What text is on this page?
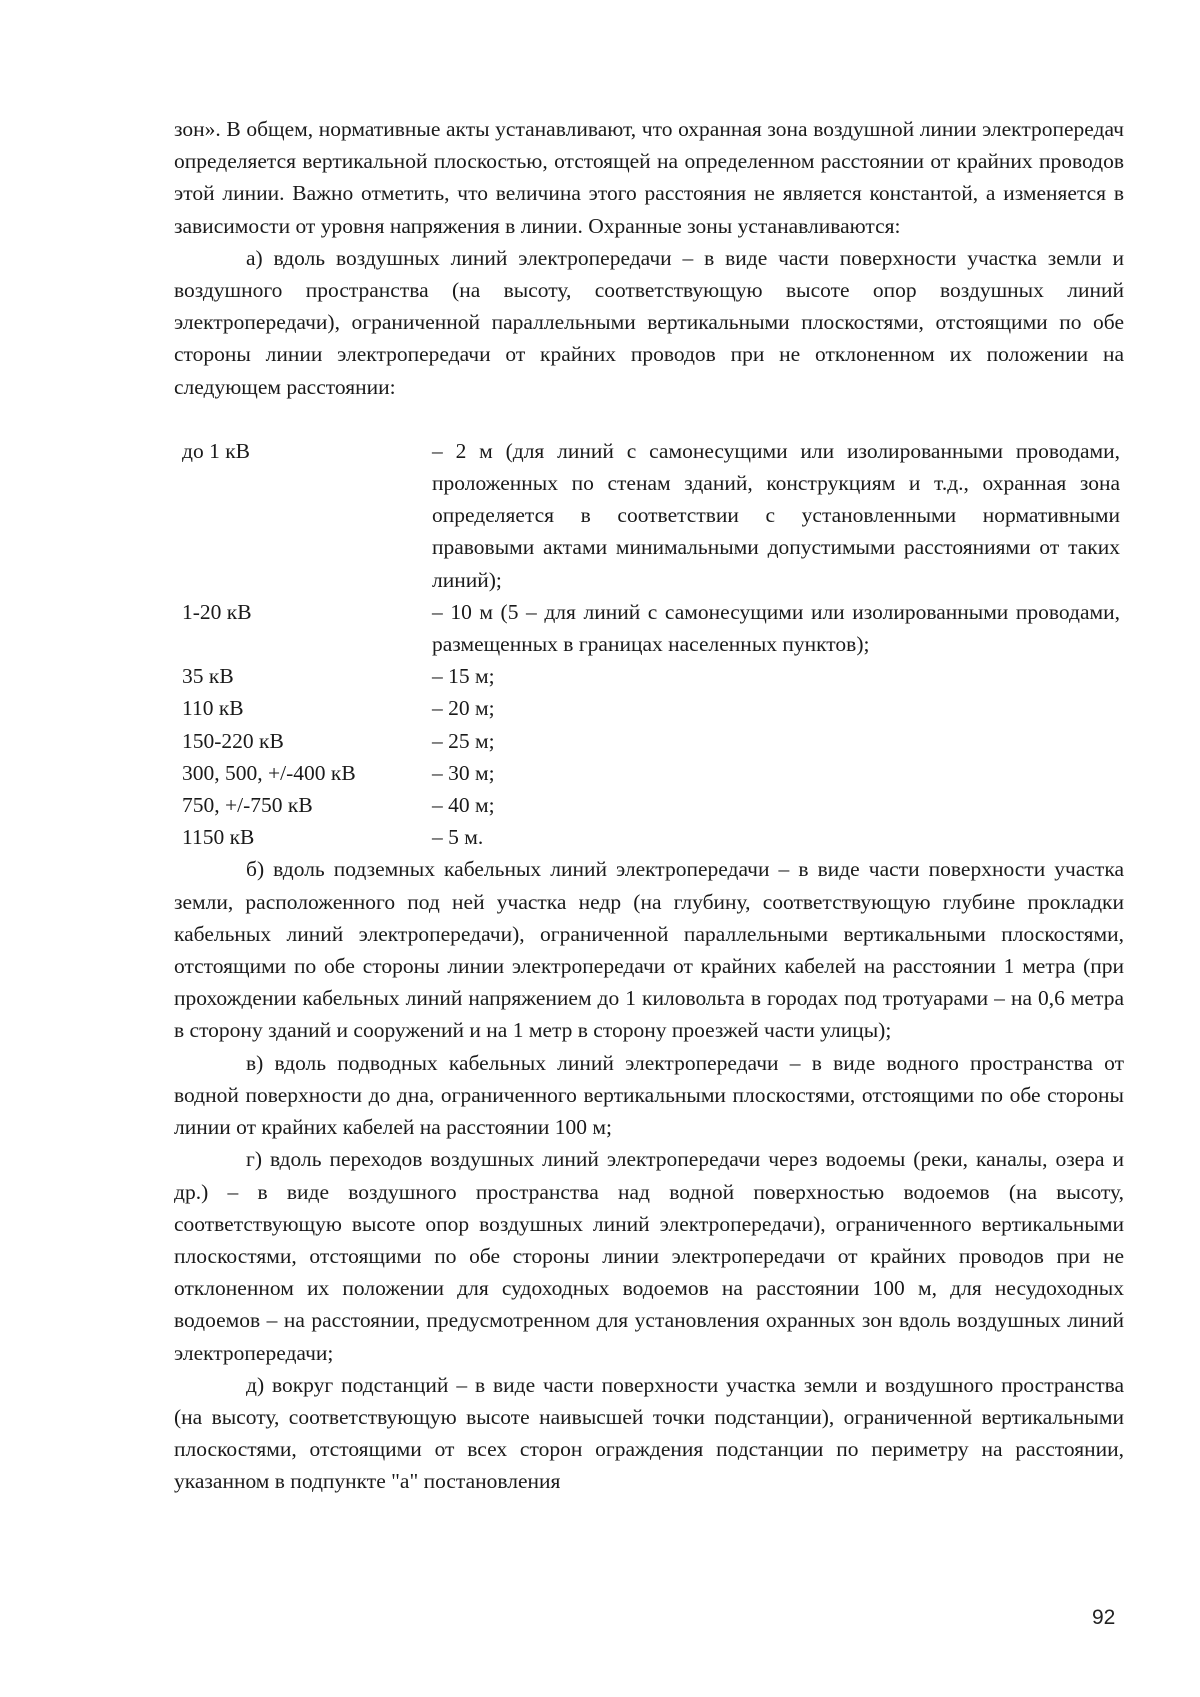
зон». В общем, нормативные акты устанавливают, что охранная зона воздушной линии электропередач определяется вертикальной плоскостью, отстоящей на определенном расстоянии от крайних проводов этой линии. Важно отметить, что величина этого расстояния не является константой, а изменяется в зависимости от уровня напряжения в линии. Охранные зоны устанавливаются:

а) вдоль воздушных линий электропередачи – в виде части поверхности участка земли и воздушного пространства (на высоту, соответствующую высоте опор воздушных линий электропередачи), ограниченной параллельными вертикальными плоскостями, отстоящими по обе стороны линии электропередачи от крайних проводов при не отклоненном их положении на следующем расстоянии:

до 1 кВ	– 2 м (для линий с самонесущими или изолированными проводами, проложенных по стенам зданий, конструкциям и т.д., охранная зона определяется в соответствии с установленными нормативными правовыми актами минимальными допустимыми расстояниями от таких линий);
1-20 кВ	– 10 м (5 – для линий с самонесущими или изолированными проводами, размещенных в границах населенных пунктов);
35 кВ	– 15 м;
110 кВ	– 20 м;
150-220 кВ	– 25 м;
300, 500, +/-400 кВ	– 30 м;
750, +/-750 кВ	– 40 м;
1150 кВ	– 5 м.

б) вдоль подземных кабельных линий электропередачи – в виде части поверхности участка земли, расположенного под ней участка недр (на глубину, соответствующую глубине прокладки кабельных линий электропередачи), ограниченной параллельными вертикальными плоскостями, отстоящими по обе стороны линии электропередачи от крайних кабелей на расстоянии 1 метра (при прохождении кабельных линий напряжением до 1 киловольта в городах под тротуарами – на 0,6 метра в сторону зданий и сооружений и на 1 метр в сторону проезжей части улицы);

в) вдоль подводных кабельных линий электропередачи – в виде водного пространства от водной поверхности до дна, ограниченного вертикальными плоскостями, отстоящими по обе стороны линии от крайних кабелей на расстоянии 100 м;

г) вдоль переходов воздушных линий электропередачи через водоемы (реки, каналы, озера и др.) – в виде воздушного пространства над водной поверхностью водоемов (на высоту, соответствующую высоте опор воздушных линий электропередачи), ограниченного вертикальными плоскостями, отстоящими по обе стороны линии электропередачи от крайних проводов при не отклоненном их положении для судоходных водоемов на расстоянии 100 м, для несудоходных водоемов – на расстоянии, предусмотренном для установления охранных зон вдоль воздушных линий электропередачи;

д) вокруг подстанций – в виде части поверхности участка земли и воздушного пространства (на высоту, соответствующую высоте наивысшей точки подстанции), ограниченной вертикальными плоскостями, отстоящими от всех сторон ограждения подстанции по периметру на расстоянии, указанном в подпункте "а" постановления

92
